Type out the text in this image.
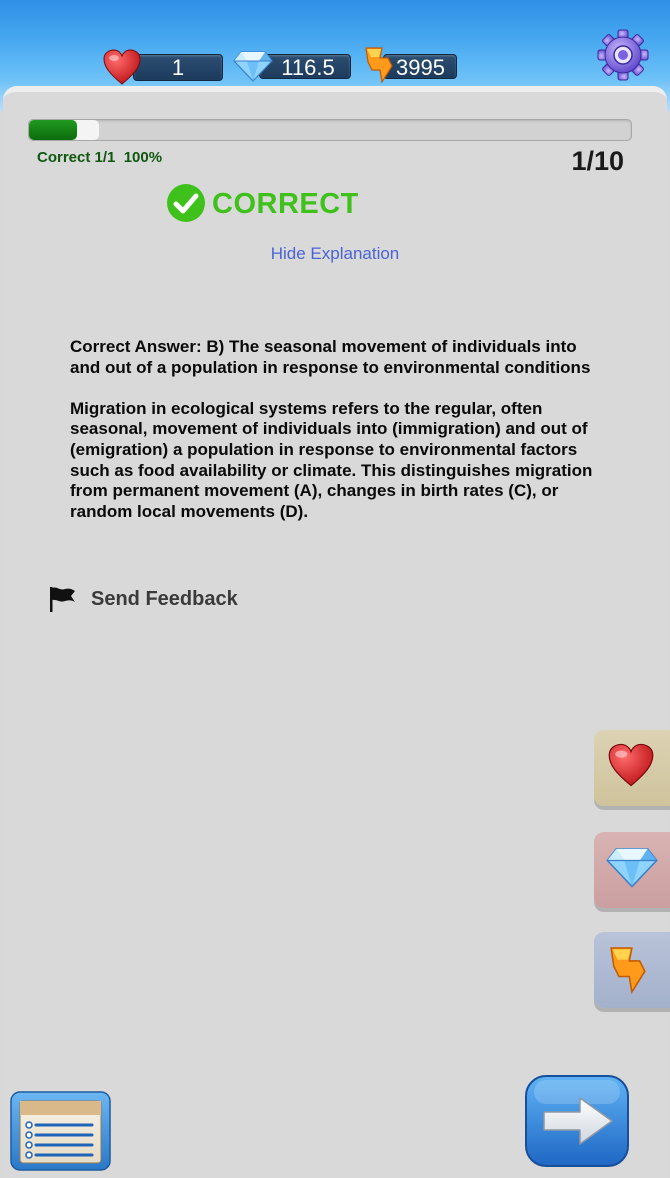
1	116.5	3995
Correct 1/1  100%	1/10
CORRECT
Hide Explanation

Correct Answer: B) The seasonal movement of individuals into and out of a population in response to environmental conditions

Migration in ecological systems refers to the regular, often seasonal, movement of individuals into (immigration) and out of (emigration) a population in response to environmental factors such as food availability or climate. This distinguishes migration from permanent movement (A), changes in birth rates (C), or random local movements (D).

Send Feedback
